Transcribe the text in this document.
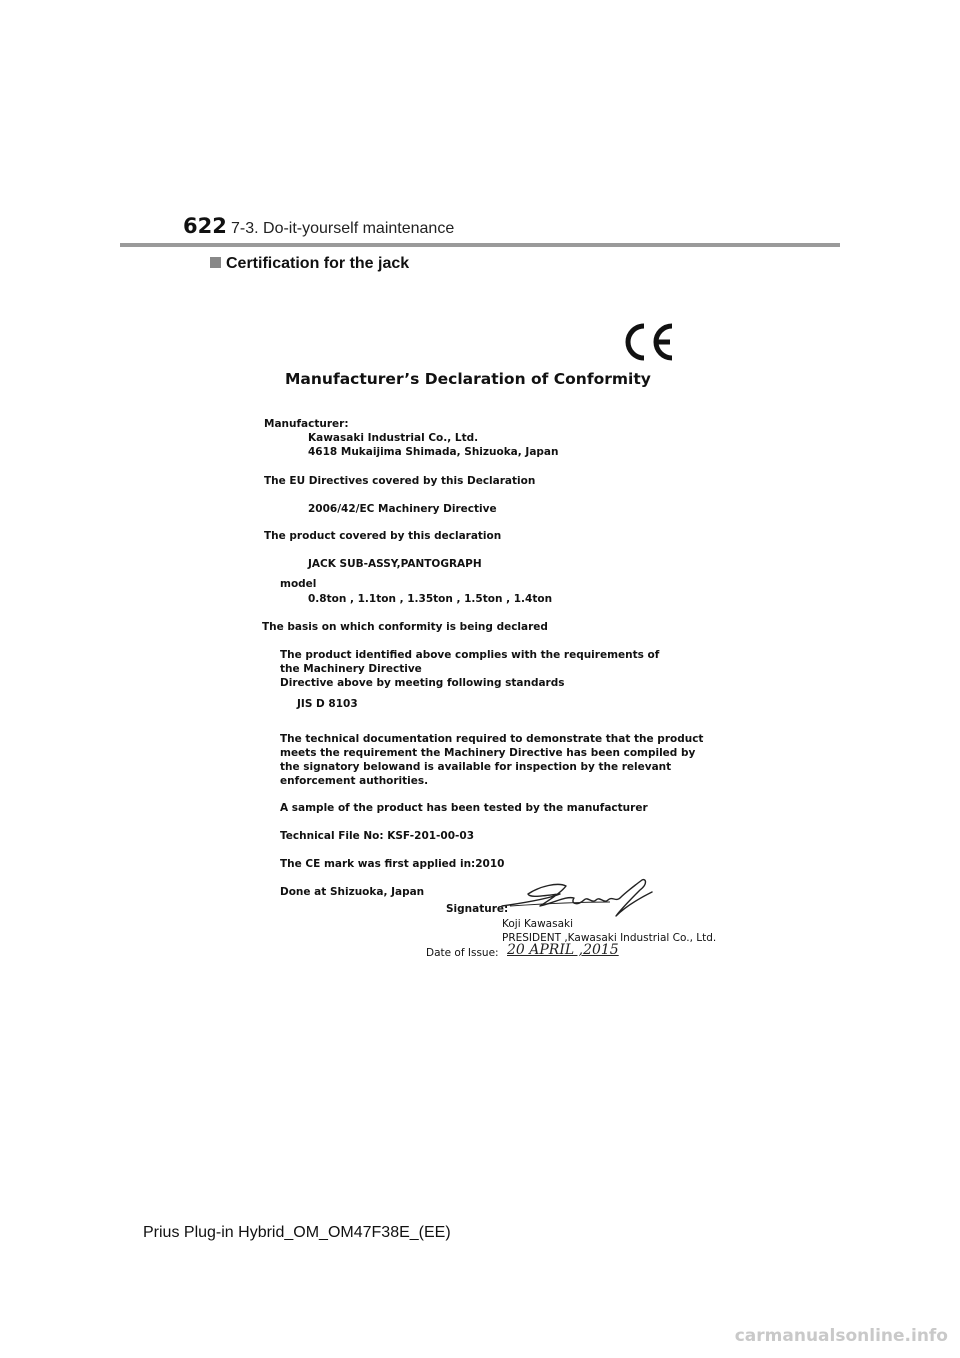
622 7-3. Do-it-yourself maintenance
Certification for the jack
Manufacturer’s Declaration of Conformity
Manufacturer:
Kawasaki Industrial Co., Ltd.
4618 Mukaijima Shimada, Shizuoka, Japan
The EU Directives covered by this Declaration
2006/42/EC Machinery Directive
The product covered by this declaration
JACK SUB-ASSY,PANTOGRAPH
model
0.8ton , 1.1ton , 1.35ton , 1.5ton , 1.4ton
The basis on which conformity is being declared
The product identified above complies with the requirements of
the Machinery Directive
Directive above by meeting following standards
JIS D 8103
The technical documentation required to demonstrate that the product
meets the requirement the Machinery Directive has been compiled by
the signatory belowand is available for inspection by the relevant
enforcement authorities.
A sample of the product has been tested by the manufacturer
Technical File No: KSF-201-00-03
The CE mark was first applied in:2010
Done at Shizuoka, Japan
Signature:
Koji Kawasaki
PRESIDENT ,Kawasaki Industrial Co., Ltd.
Date of Issue: 20 APRIL ,2015
Prius Plug-in Hybrid_OM_OM47F38E_(EE)
carmanualsonline.info
